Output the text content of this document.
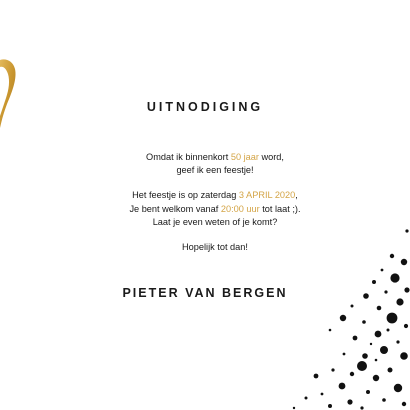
UITNODIGING

Omdat ik binnenkort 50 jaar word,

geef ik een feestje!

Het feestje is op zaterdag 3 APRIL 2020,

Je bent welkom vanaf 20:00 uur tot laat ;).

Laat je even weten of je komt?

Hopelijk tot dan!

PIETER VAN BERGEN
